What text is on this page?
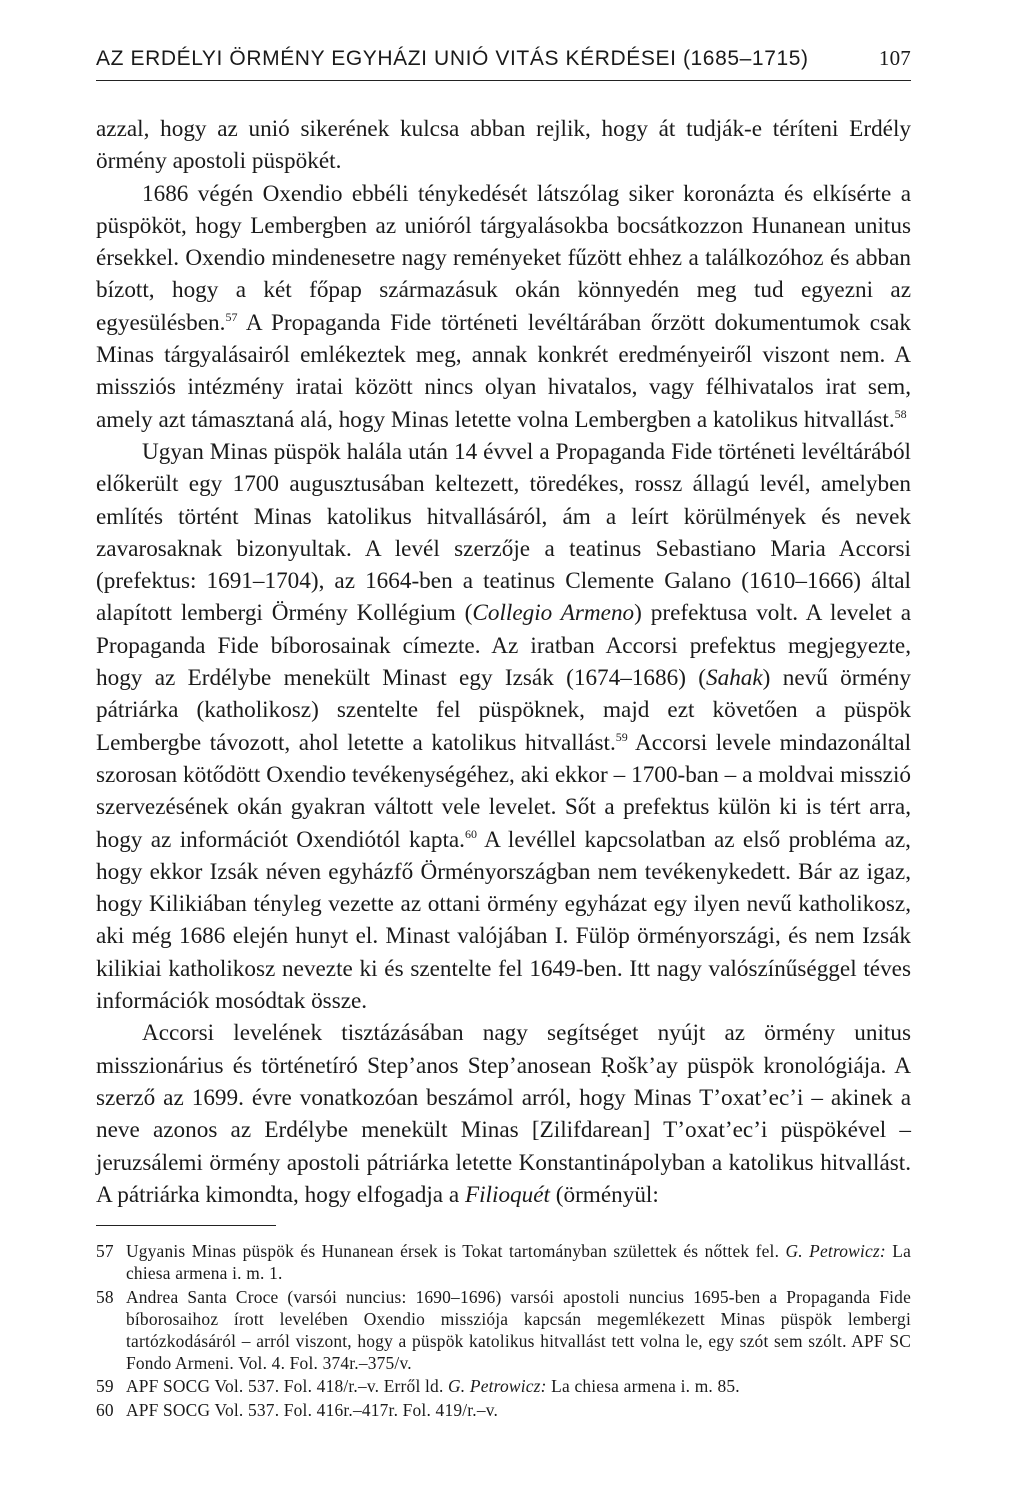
AZ ERDÉLYI ÖRMÉNY EGYHÁZI UNIÓ VITÁS KÉRDÉSEI (1685–1715)	107

azzal, hogy az unió sikerének kulcsa abban rejlik, hogy át tudják-e téríteni Erdély örmény apostoli püspökét.

1686 végén Oxendio ebbéli ténykedését látszólag siker koronázta és elkísérte a püspököt, hogy Lembergben az unióról tárgyalásokba bocsátkozzon Hunanean unitus érsekkel. Oxendio mindenesetre nagy reményeket fűzött ehhez a találkozóhoz és abban bízott, hogy a két főpap származásuk okán könnyedén meg tud egyezni az egyesülésben.$^{57}$ A Propaganda Fide történeti levéltárában őrzött dokumentumok csak Minas tárgyalásairól emlékeztek meg, annak konkrét eredményeiről viszont nem. A missziós intézmény iratai között nincs olyan hivatalos, vagy félhivatalos irat sem, amely azt támasztaná alá, hogy Minas letette volna Lembergben a katolikus hitvallást.$^{58}$

Ugyan Minas püspök halála után 14 évvel a Propaganda Fide történeti levéltárából előkerült egy 1700 augusztusában keltezett, töredékes, rossz állagú levél, amelyben említés történt Minas katolikus hitvallásáról, ám a leírt körülmények és nevek zavarosaknak bizonyultak. A levél szerzője a teatinus Sebastiano Maria Accorsi (prefektus: 1691–1704), az 1664-ben a teatinus Clemente Galano (1610–1666) által alapított lembergi Örmény Kollégium (Collegio Armeno) prefektusa volt. A levelet a Propaganda Fide bíborosainak címezte. Az iratban Accorsi prefektus megjegyezte, hogy az Erdélybe menekült Minast egy Izsák (1674–1686) (Sahak) nevű örmény pátriárka (katholikosz) szentelte fel püspöknek, majd ezt követően a püspök Lembergbe távozott, ahol letette a katolikus hitvallást.$^{59}$ Accorsi levele mindazonáltal szorosan kötődött Oxendio tevékenységéhez, aki ekkor – 1700-ban – a moldvai misszió szervezésének okán gyakran váltott vele levelet. Sőt a prefektus külön ki is tért arra, hogy az információt Oxendiótól kapta.$^{60}$ A levéllel kapcsolatban az első probléma az, hogy ekkor Izsák néven egyházfő Örményországban nem tevékenykedett. Bár az igaz, hogy Kilikiában tényleg vezette az ottani örmény egyházat egy ilyen nevű katholikosz, aki még 1686 elején hunyt el. Minast valójában I. Fülöp örményországi, és nem Izsák kilikiai katholikosz nevezte ki és szentelte fel 1649-ben. Itt nagy valószínűséggel téves információk mosódtak össze.

Accorsi levelének tisztázásában nagy segítséget nyújt az örmény unitus misszionárius és történetíró Step’anos Step’anosean Ṛošk’ay püspök kronológiája. A szerző az 1699. évre vonatkozóan beszámol arról, hogy Minas T’oxat’ec’i – akinek a neve azonos az Erdélybe menekült Minas [Zilifdarean] T’oxat’ec’i püspökével – jeruzsálemi örmény apostoli pátriárka letette Konstantinápolyban a katolikus hitvallást. A pátriárka kimondta, hogy elfogadja a Filioquét (örményül:

57 Ugyanis Minas püspök és Hunanean érsek is Tokat tartományban születtek és nőttek fel. G. Petrowicz: La chiesa armena i. m. 1.
58 Andrea Santa Croce (varsói nuncius: 1690–1696) varsói apostoli nuncius 1695-ben a Propaganda Fide bíborosaihoz írott levelében Oxendio missziója kapcsán megemlékezett Minas püspök lembergi tartózkodásáról – arról viszont, hogy a püspök katolikus hitvallást tett volna le, egy szót sem szólt. APF SC Fondo Armeni. Vol. 4. Fol. 374r.–375/v.
59 APF SOCG Vol. 537. Fol. 418/r.–v. Erről ld. G. Petrowicz: La chiesa armena i. m. 85.
60 APF SOCG Vol. 537. Fol. 416r.–417r. Fol. 419/r.–v.
